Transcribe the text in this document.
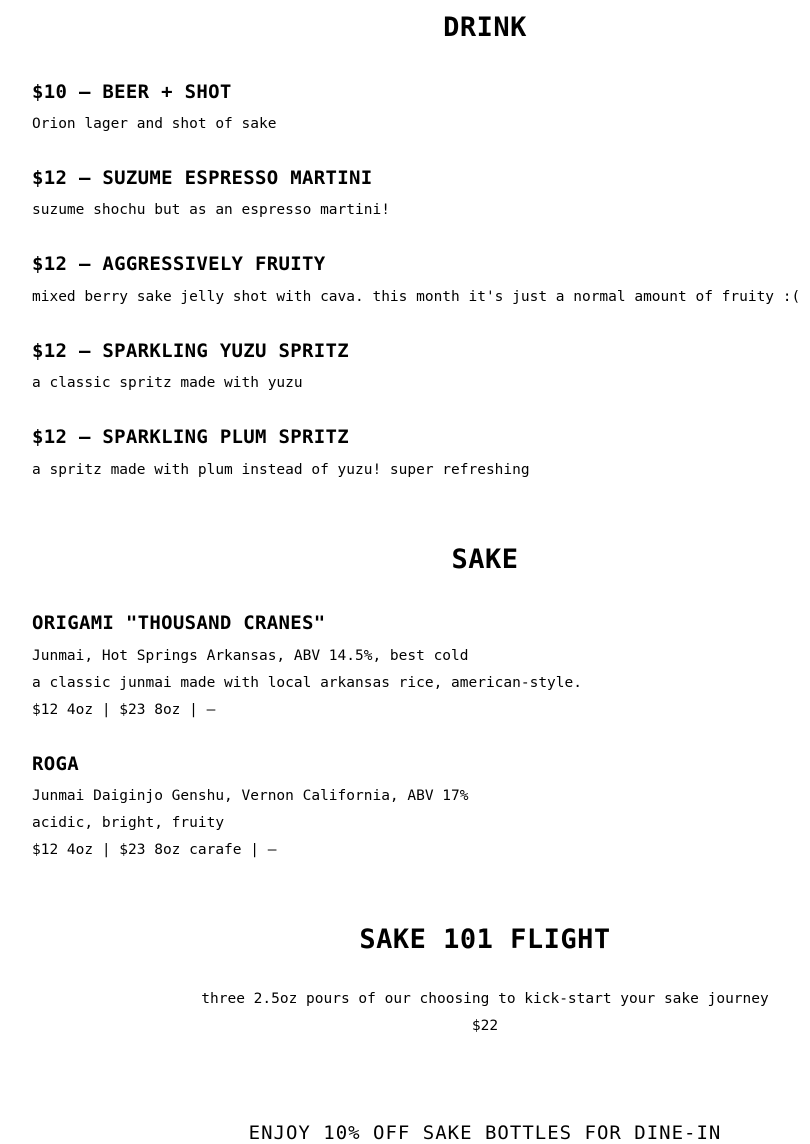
DRINK
$10 — BEER + SHOT

Orion lager and shot of sake

$12 — SUZUME ESPRESSO MARTINI

suzume shochu but as an espresso martini!

$12 — AGGRESSIVELY FRUITY

mixed berry sake jelly shot with cava. this month it's just a normal amount of fruity :(

$12 — SPARKLING YUZU SPRITZ

a classic spritz made with yuzu

$12 — SPARKLING PLUM SPRITZ

a spritz made with plum instead of yuzu! super refreshing

SAKE
ORIGAMI "THOUSAND CRANES"

Junmai, Hot Springs Arkansas, ABV 14.5%, best cold

a classic junmai made with local arkansas rice, american-style.

$12 4oz | $23 8oz | —

ROGA

Junmai Daiginjo Genshu, Vernon California, ABV 17%

acidic, bright, fruity

$12 4oz | $23 8oz carafe | —

SAKE 101 FLIGHT

three 2.5oz pours of our choosing to kick-start your sake journey

$22

ENJOY 10% OFF SAKE BOTTLES FOR DINE-IN
